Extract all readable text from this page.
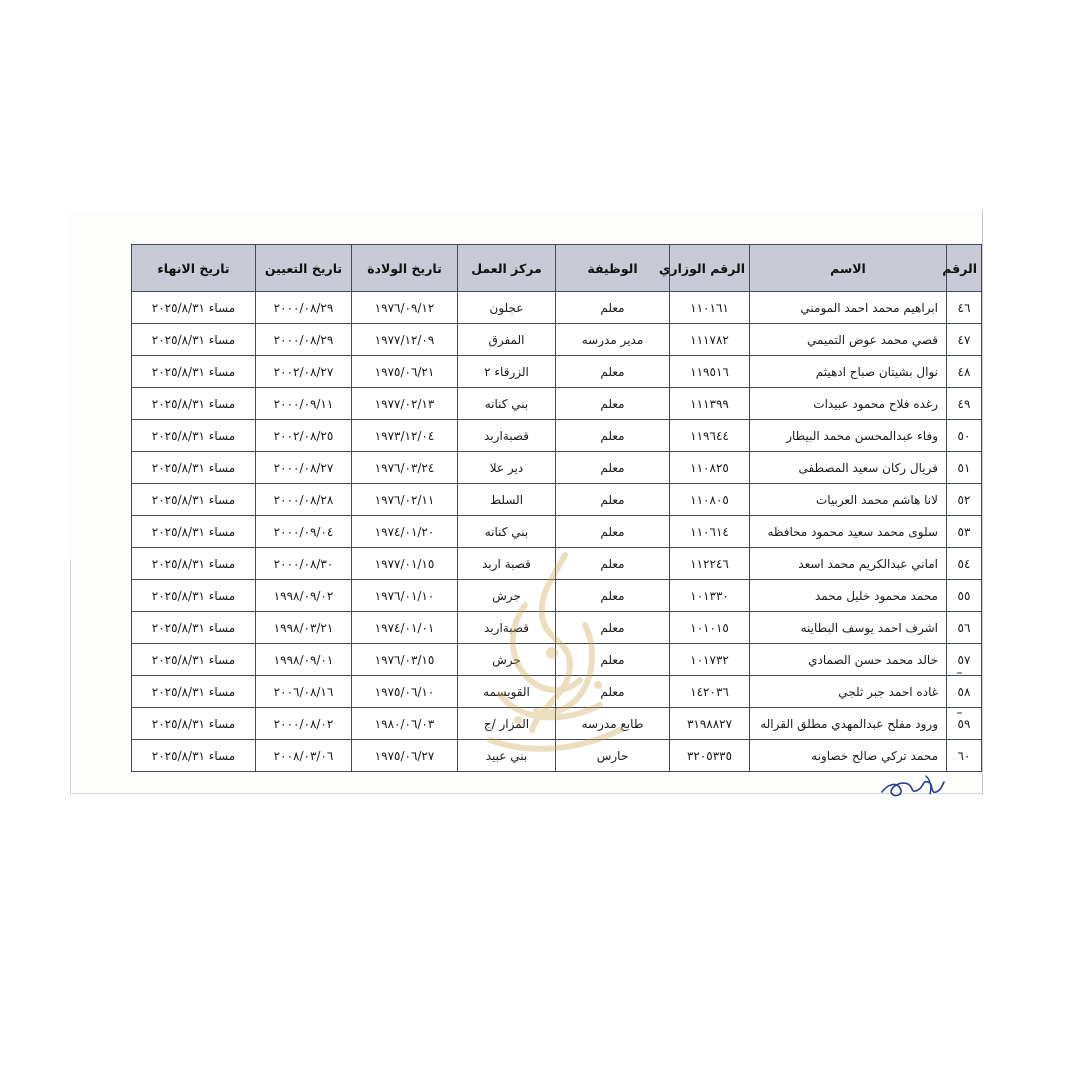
الرقم	الاسم	الرقم الوزاري	الوظيفة	مركز العمل	تاريخ الولادة	تاريخ التعيين	تاريخ الانهاء
٤٦	ابراهيم محمد احمد المومني	١١٠١٦١	معلم	عجلون	١٩٧٦/٠٩/١٢	٢٠٠٠/٠٨/٢٩	مساء ٢٠٢٥/٨/٣١
٤٧	قصي محمد عوض التميمي	١١١٧٨٢	مدير مدرسه	المفرق	١٩٧٧/١٢/٠٩	٢٠٠٠/٠٨/٢٩	مساء ٢٠٢٥/٨/٣١
٤٨	نوال بشيتان صباح ادهيثم	١١٩٥١٦	معلم	الزرقاء ٢	١٩٧٥/٠٦/٢١	٢٠٠٢/٠٨/٢٧	مساء ٢٠٢٥/٨/٣١
٤٩	رغده فلاح محمود عبيدات	١١١٣٩٩	معلم	بني كنانه	١٩٧٧/٠٢/١٣	٢٠٠٠/٠٩/١١	مساء ٢٠٢٥/٨/٣١
٥٠	وفاء عبدالمحسن محمد البيطار	١١٩٦٤٤	معلم	قصبةاربد	١٩٧٣/١٢/٠٤	٢٠٠٢/٠٨/٢٥	مساء ٢٠٢٥/٨/٣١
٥١	فريال ركان سعيد المصطفى	١١٠٨٢٥	معلم	دير علا	١٩٧٦/٠٣/٢٤	٢٠٠٠/٠٨/٢٧	مساء ٢٠٢٥/٨/٣١
٥٢	لانا هاشم محمد العربيات	١١٠٨٠٥	معلم	السلط	١٩٧٦/٠٢/١١	٢٠٠٠/٠٨/٢٨	مساء ٢٠٢٥/٨/٣١
٥٣	سلوى محمد سعيد محمود محافظه	١١٠٦١٤	معلم	بني كنانه	١٩٧٤/٠١/٢٠	٢٠٠٠/٠٩/٠٤	مساء ٢٠٢٥/٨/٣١
٥٤	اماني عبدالكريم محمد اسعد	١١٢٢٤٦	معلم	قصبة اربد	١٩٧٧/٠١/١٥	٢٠٠٠/٠٨/٣٠	مساء ٢٠٢٥/٨/٣١
٥٥	محمد محمود خليل محمد	١٠١٣٣٠	معلم	جرش	١٩٧٦/٠١/١٠	١٩٩٨/٠٩/٠٢	مساء ٢٠٢٥/٨/٣١
٥٦	اشرف احمد يوسف البطاينه	١٠١٠١٥	معلم	قصبةاربد	١٩٧٤/٠١/٠١	١٩٩٨/٠٣/٢١	مساء ٢٠٢٥/٨/٣١
٥٧	خالد محمد حسن الصمادي	١٠١٧٣٢	معلم	جرش	١٩٧٦/٠٣/١٥	١٩٩٨/٠٩/٠١	مساء ٢٠٢٥/٨/٣١
٥٨	غاده احمد جبر ثلجي	١٤٢٠٣٦	معلم	القويسمه	١٩٧٥/٠٦/١٠	٢٠٠٦/٠٨/١٦	مساء ٢٠٢٥/٨/٣١
٥٩	ورود مفلح عبدالمهدي مطلق القراله	٣١٩٨٨٢٧	طابع مدرسه	المزار /ج	١٩٨٠/٠٦/٠٣	٢٠٠٠/٠٨/٠٢	مساء ٢٠٢٥/٨/٣١
٦٠	محمد تركي صالح خصاونه	٣٢٠٥٣٣٥	حارس	بني عبيد	١٩٧٥/٠٦/٢٧	٢٠٠٨/٠٣/٠٦	مساء ٢٠٢٥/٨/٣١
